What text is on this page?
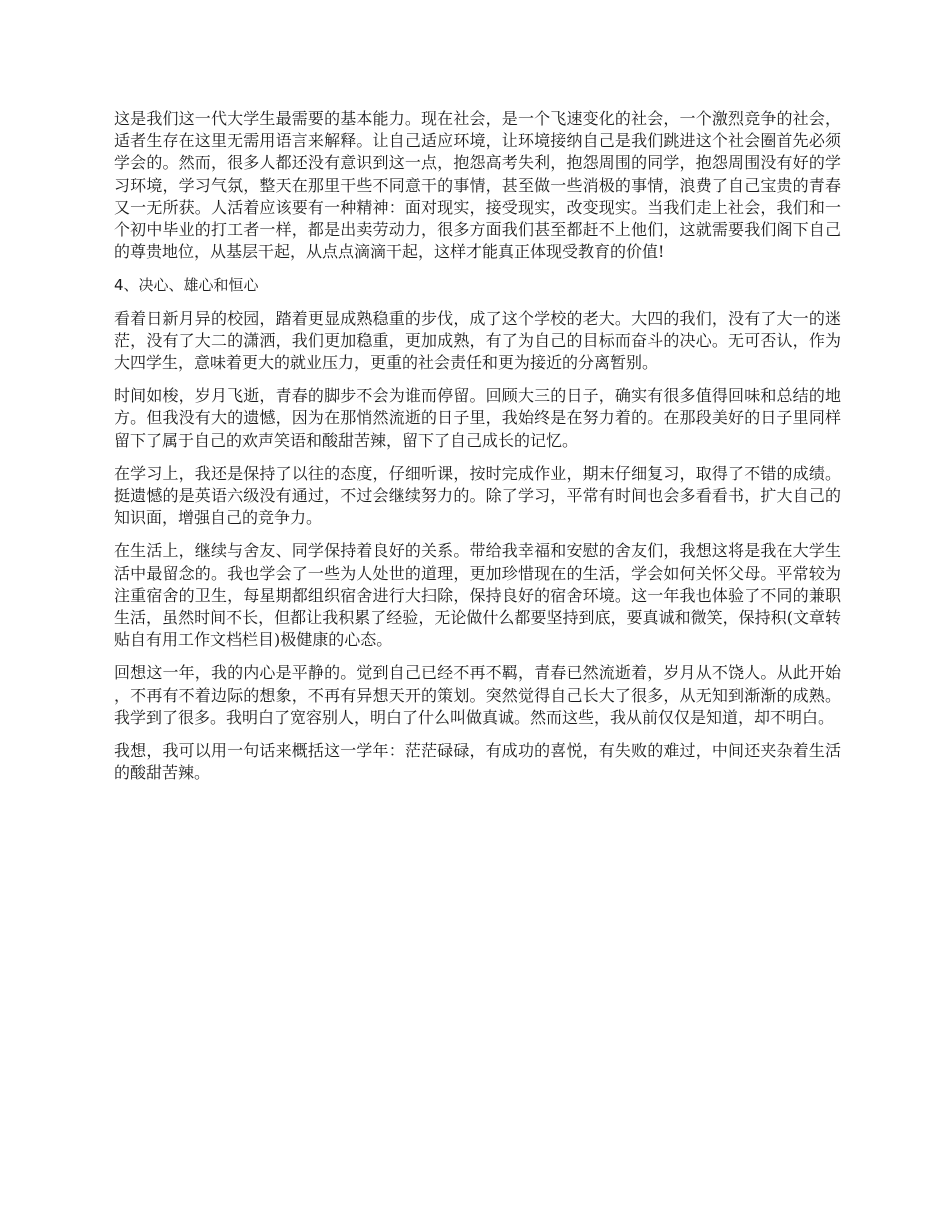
这是我们这一代大学生最需要的基本能力。现在社会，是一个飞速变化的社会，一个激烈竞争的社会，适者生存在这里无需用语言来解释。让自己适应环境，让环境接纳自己是我们跳进这个社会圈首先必须学会的。然而，很多人都还没有意识到这一点，抱怨高考失利，抱怨周围的同学，抱怨周围没有好的学习环境，学习气氛，整天在那里干些不同意干的事情，甚至做一些消极的事情，浪费了自己宝贵的青春又一无所获。人活着应该要有一种精神：面对现实，接受现实，改变现实。当我们走上社会，我们和一个初中毕业的打工者一样，都是出卖劳动力，很多方面我们甚至都赶不上他们，这就需要我们阁下自己的尊贵地位，从基层干起，从点点滴滴干起，这样才能真正体现受教育的价值!

4、决心、雄心和恒心

看着日新月异的校园，踏着更显成熟稳重的步伐，成了这个学校的老大。大四的我们，没有了大一的迷茫，没有了大二的潇洒，我们更加稳重，更加成熟，有了为自己的目标而奋斗的决心。无可否认，作为大四学生，意味着更大的就业压力，更重的社会责任和更为接近的分离暂别。

时间如梭，岁月飞逝，青春的脚步不会为谁而停留。回顾大三的日子，确实有很多值得回味和总结的地方。但我没有大的遗憾，因为在那悄然流逝的日子里，我始终是在努力着的。在那段美好的日子里同样留下了属于自己的欢声笑语和酸甜苦辣，留下了自己成长的记忆。

在学习上，我还是保持了以往的态度，仔细听课，按时完成作业，期末仔细复习，取得了不错的成绩。挺遗憾的是英语六级没有通过，不过会继续努力的。除了学习，平常有时间也会多看看书，扩大自己的知识面，增强自己的竞争力。

在生活上，继续与舍友、同学保持着良好的关系。带给我幸福和安慰的舍友们，我想这将是我在大学生活中最留念的。我也学会了一些为人处世的道理，更加珍惜现在的生活，学会如何关怀父母。平常较为注重宿舍的卫生，每星期都组织宿舍进行大扫除，保持良好的宿舍环境。这一年我也体验了不同的兼职生活，虽然时间不长，但都让我积累了经验，无论做什么都要坚持到底，要真诚和微笑，保持积(文章转贴自有用工作文档栏目)极健康的心态。

回想这一年，我的内心是平静的。觉到自己已经不再不羁，青春已然流逝着，岁月从不饶人。从此开始，不再有不着边际的想象，不再有异想天开的策划。突然觉得自己长大了很多，从无知到渐渐的成熟。我学到了很多。我明白了宽容别人，明白了什么叫做真诚。然而这些，我从前仅仅是知道，却不明白。

我想，我可以用一句话来概括这一学年：茫茫碌碌，有成功的喜悦，有失败的难过，中间还夹杂着生活的酸甜苦辣。
